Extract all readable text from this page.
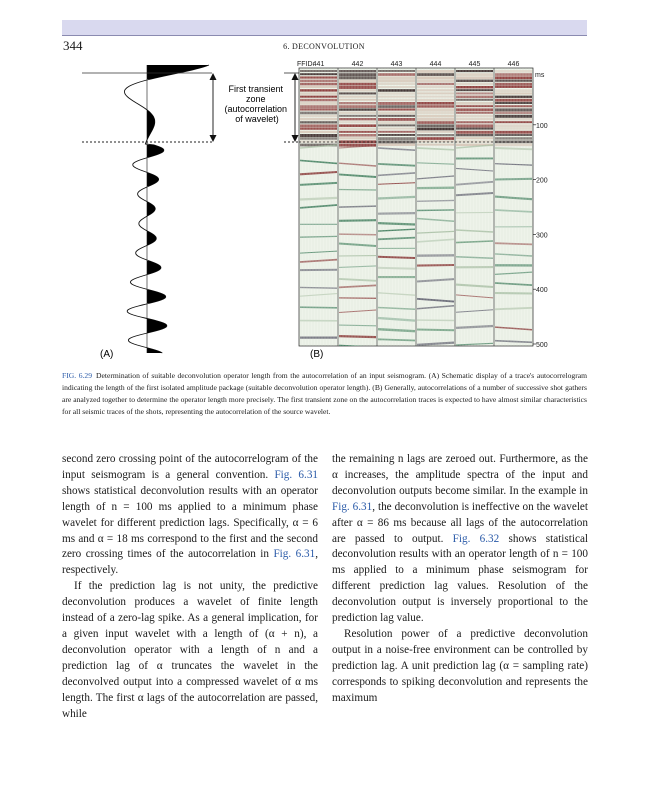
344	6. DECONVOLUTION
First transient zone (autocorrelation of wavelet)
(A)
FFID:
441	442	443	444	445	446
ms
100
200
300
400
500
(B)
FIG. 6.29 Determination of suitable deconvolution operator length from the autocorrelation of an input seismogram. (A) Schematic display of a trace's autocorrelogram indicating the length of the first isolated amplitude package (suitable deconvolution operator length). (B) Generally, autocorrelations of a number of successive shot gathers are analyzed together to determine the operator length more precisely. The first transient zone on the autocorrelation traces is expected to have almost similar characteristics for all seismic traces of the shots, representing the autocorrelation of the source wavelet.

second zero crossing point of the autocorrelogram of the input seismogram is a general convention. Fig. 6.31 shows statistical deconvolution results with an operator length of n = 100 ms applied to a minimum phase wavelet for different prediction lags. Specifically, α = 6 ms and α = 18 ms correspond to the first and the second zero crossing times of the autocorrelation in Fig. 6.31, respectively.

If the prediction lag is not unity, the predictive deconvolution produces a wavelet of finite length instead of a zero-lag spike. As a general implication, for a given input wavelet with a length of (α + n), a deconvolution operator with a length of n and a prediction lag of α truncates the wavelet in the deconvolved output into a compressed wavelet of α ms length. The first α lags of the autocorrelation are passed, while

the remaining n lags are zeroed out. Furthermore, as the α increases, the amplitude spectra of the input and deconvolution outputs become similar. In the example in Fig. 6.31, the deconvolution is ineffective on the wavelet after α = 86 ms because all lags of the autocorrelation are passed to output. Fig. 6.32 shows statistical deconvolution results with an operator length of n = 100 ms applied to a minimum phase seismogram for different prediction lag values. Resolution of the deconvolution output is inversely proportional to the prediction lag value.

Resolution power of a predictive deconvolution output in a noise-free environment can be controlled by prediction lag. A unit prediction lag (α = sampling rate) corresponds to spiking deconvolution and represents the maximum
